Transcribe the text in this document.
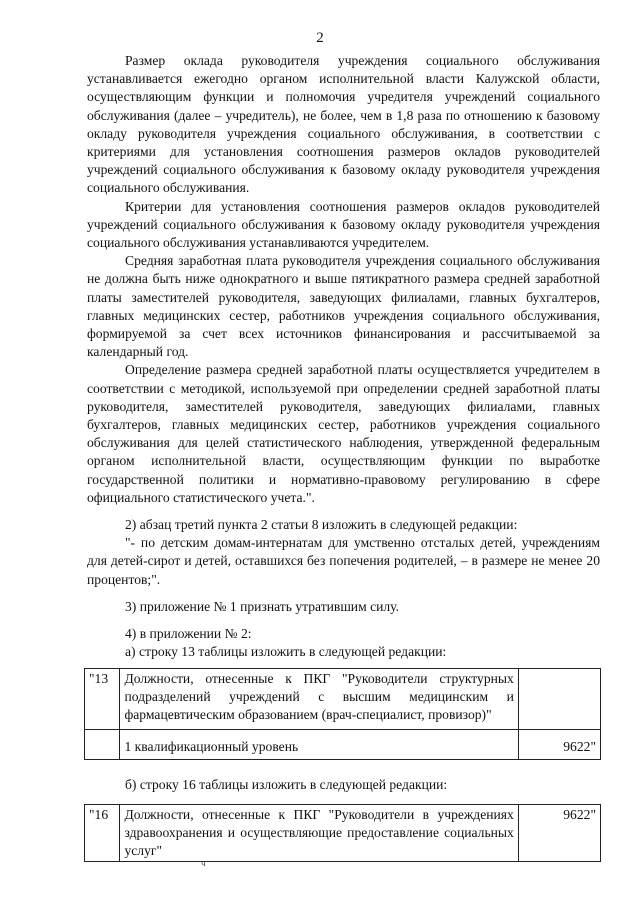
2

Размер оклада руководителя учреждения социального обслуживания устанавливается ежегодно органом исполнительной власти Калужской области, осуществляющим функции и полномочия учредителя учреждений социального обслуживания (далее – учредитель), не более, чем в 1,8 раза по отношению к базовому окладу руководителя учреждения социального обслуживания, в соответствии с критериями для установления соотношения размеров окладов руководителей учреждений социального обслуживания к базовому окладу руководителя учреждения социального обслуживания.

Критерии для установления соотношения размеров окладов руководителей учреждений социального обслуживания к базовому окладу руководителя учреждения социального обслуживания устанавливаются учредителем.

Средняя заработная плата руководителя учреждения социального обслуживания не должна быть ниже однократного и выше пятикратного размера средней заработной платы заместителей руководителя, заведующих филиалами, главных бухгалтеров, главных медицинских сестер, работников учреждения социального обслуживания, формируемой за счет всех источников финансирования и рассчитываемой за календарный год.

Определение размера средней заработной платы осуществляется учредителем в соответствии с методикой, используемой при определении средней заработной платы руководителя, заместителей руководителя, заведующих филиалами, главных бухгалтеров, главных медицинских сестер, работников учреждения социального обслуживания для целей статистического наблюдения, утвержденной федеральным органом исполнительной власти, осуществляющим функции по выработке государственной политики и нормативно-правовому регулированию в сфере официального статистического учета.".

2) абзац третий пункта 2 статьи 8 изложить в следующей редакции:

"- по детским домам-интернатам для умственно отсталых детей, учреждениям для детей-сирот и детей, оставшихся без попечения родителей, – в размере не менее 20 процентов;".

3) приложение № 1 признать утратившим силу.

4) в приложении № 2:

а) строку 13 таблицы изложить в следующей редакции:

"13	Должности, отнесенные к ПКГ "Руководители структурных подразделений учреждений с высшим медицинским и фармацевтическим образованием (врач-специалист, провизор)"	
	1 квалификационный уровень	9622"

б) строку 16 таблицы изложить в следующей редакции:

"16	Должности, отнесенные к ПКГ "Руководители в учреждениях здравоохранения и осуществляющие предоставление социальных услуг"	9622"
ч
